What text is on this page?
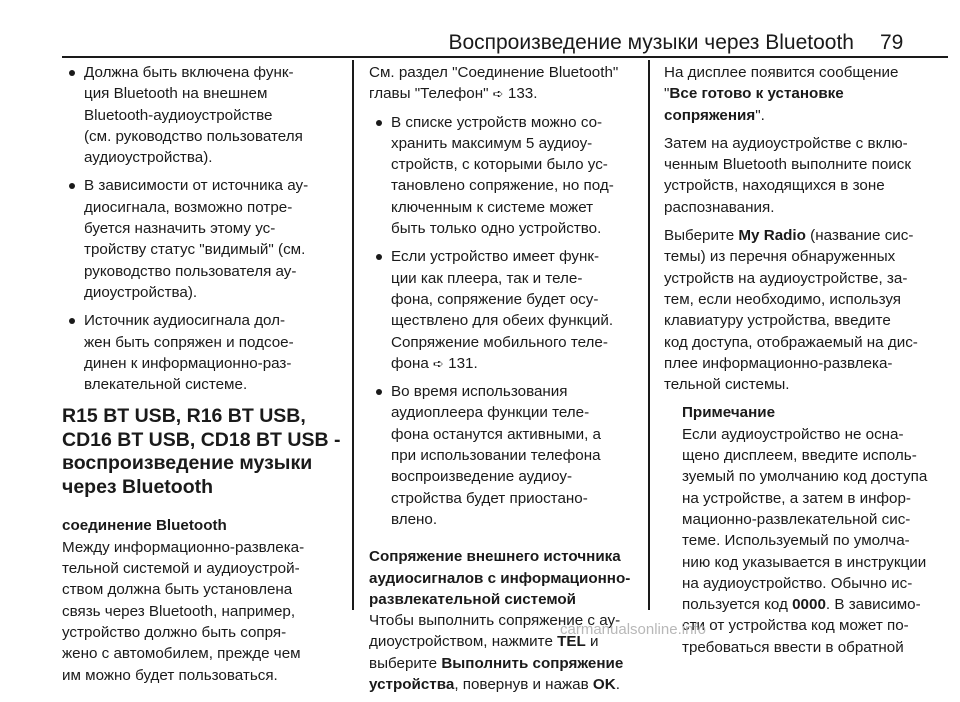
Воспроизведение музыки через Bluetooth 79
Должна быть включена функ-
ция Bluetooth на внешнем
Bluetooth-аудиоустройстве
(см. руководство пользователя
аудиоустройства).
В зависимости от источника ау-
диосигнала, возможно потре-
буется назначить этому ус-
тройству статус "видимый" (см.
руководство пользователя ау-
диоустройства).
Источник аудиосигнала дол-
жен быть сопряжен и подсое-
динен к информационно-раз-
влекательной системе.
R15 BT USB, R16 BT USB,
CD16 BT USB, CD18 BT USB -
воспроизведение музыки
через Bluetooth
соединение Bluetooth

Между информационно-развлека-
тельной системой и аудиоустрой-
ством должна быть установлена
связь через Bluetooth, например,
устройство должно быть сопря-
жено с автомобилем, прежде чем
им можно будет пользоваться.

См. раздел "Соединение Bluetooth"
главы "Телефон" ➪ 133.

В списке устройств можно со-
хранить максимум 5 аудиоу-
стройств, с которыми было ус-
тановлено сопряжение, но под-
ключенным к системе может
быть только одно устройство.
Если устройство имеет функ-
ции как плеера, так и теле-
фона, сопряжение будет осу-
ществлено для обеих функций.
Сопряжение мобильного теле-
фона ➪ 131.
Во время использования
аудиоплеера функции теле-
фона останутся активными, а
при использовании телефона
воспроизведение аудиоу-
стройства будет приостано-
влено.
Сопряжение внешнего источника
аудиосигналов с информационно-
развлекательной системой

Чтобы выполнить сопряжение с ау-
диоустройством, нажмите TEL и
выберите Выполнить сопряжение
устройства, повернув и нажав OK.

На дисплее появится сообщение
"Все готово к установке
сопряжения".

Затем на аудиоустройстве с вклю-
ченным Bluetooth выполните поиск
устройств, находящихся в зоне
распознавания.

Выберите My Radio (название сис-
темы) из перечня обнаруженных
устройств на аудиоустройстве, за-
тем, если необходимо, используя
клавиатуру устройства, введите
код доступа, отображаемый на дис-
плее информационно-развлека-
тельной системы.

Примечание
Если аудиоустройство не осна-
щено дисплеем, введите исполь-
зуемый по умолчанию код доступа
на устройстве, а затем в инфор-
мационно-развлекательной сис-
теме. Используемый по умолча-
нию код указывается в инструкции
на аудиоустройство. Обычно ис-
пользуется код 0000. В зависимо-
сти от устройства код может по-
требоваться ввести в обратной
carmanualsonline.info
